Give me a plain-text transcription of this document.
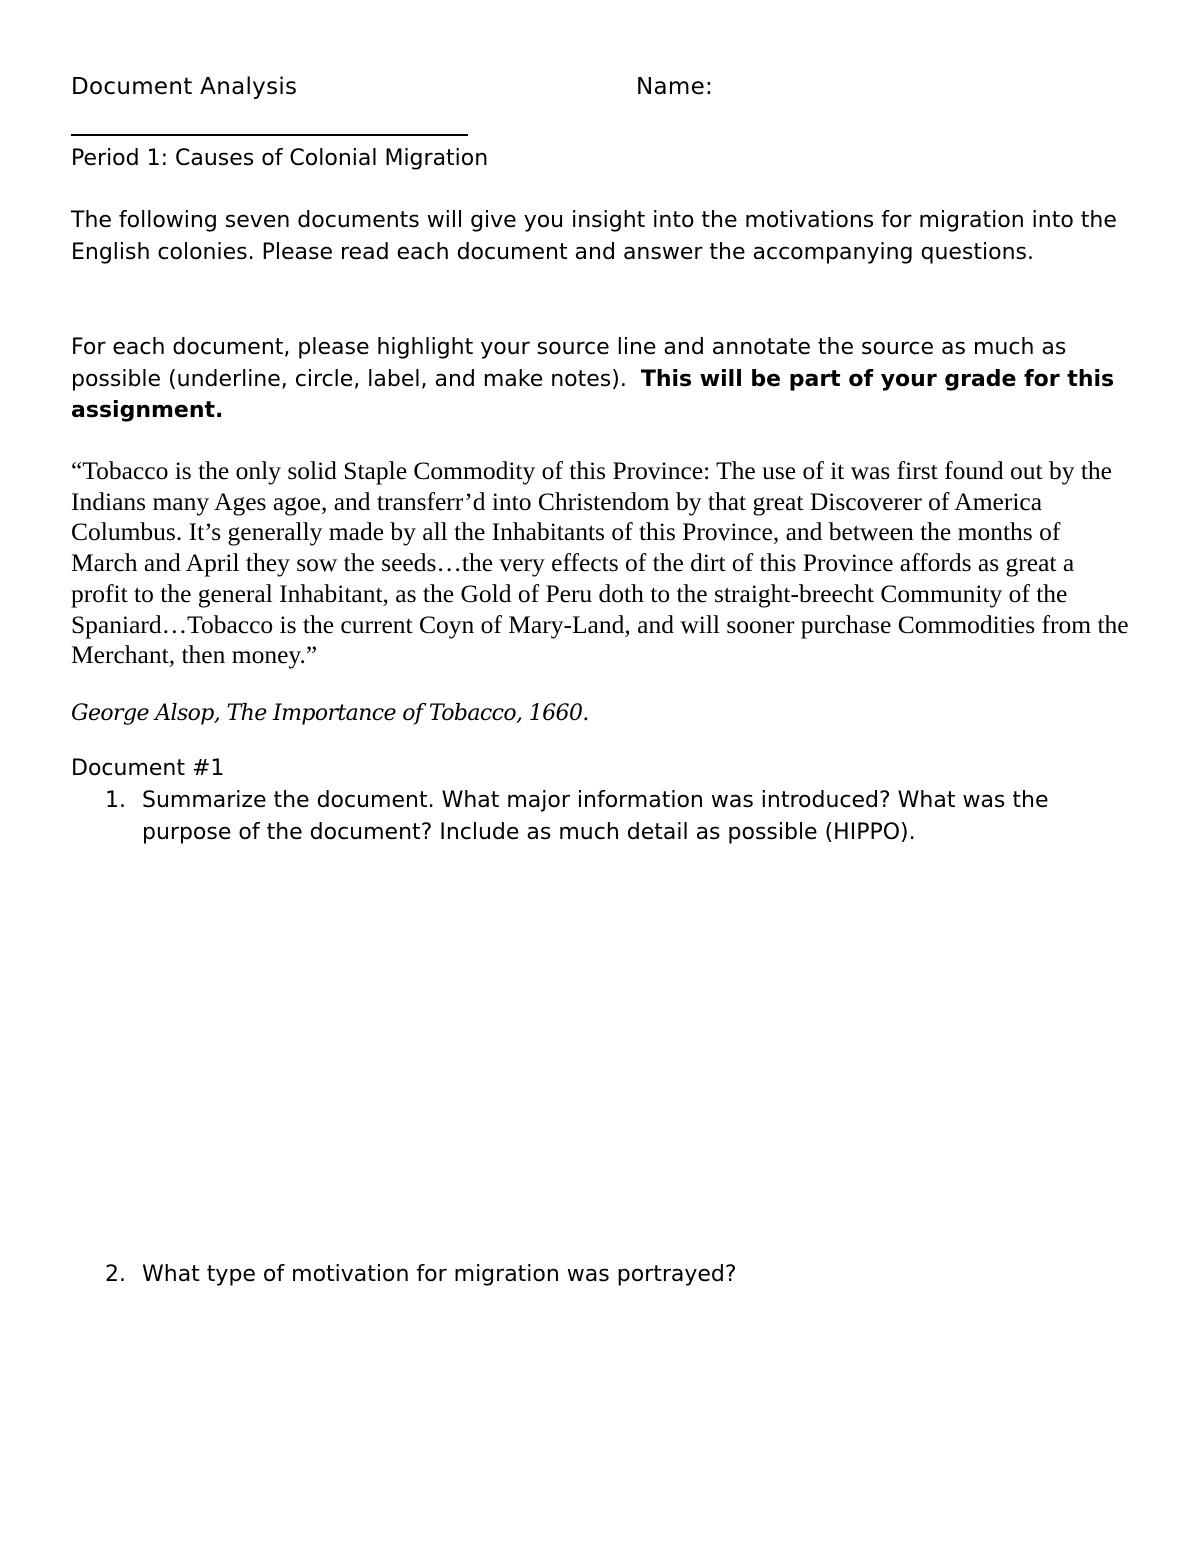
Document Analysis	Name:
Period 1: Causes of Colonial Migration

The following seven documents will give you insight into the motivations for migration into the English colonies. Please read each document and answer the accompanying questions.

For each document, please highlight your source line and annotate the source as much as possible (underline, circle, label, and make notes). This will be part of your grade for this assignment.

“Tobacco is the only solid Staple Commodity of this Province: The use of it was first found out by the Indians many Ages agoe, and transferr’d into Christendom by that great Discoverer of America Columbus. It’s generally made by all the Inhabitants of this Province, and between the months of March and April they sow the seeds…the very effects of the dirt of this Province affords as great a profit to the general Inhabitant, as the Gold of Peru doth to the straight-breecht Community of the Spaniard…Tobacco is the current Coyn of Mary-Land, and will sooner purchase Commodities from the Merchant, then money.”

George Alsop, The Importance of Tobacco, 1660.
Document #1
1. Summarize the document. What major information was introduced? What was the purpose of the document? Include as much detail as possible (HIPPO).
2. What type of motivation for migration was portrayed?
